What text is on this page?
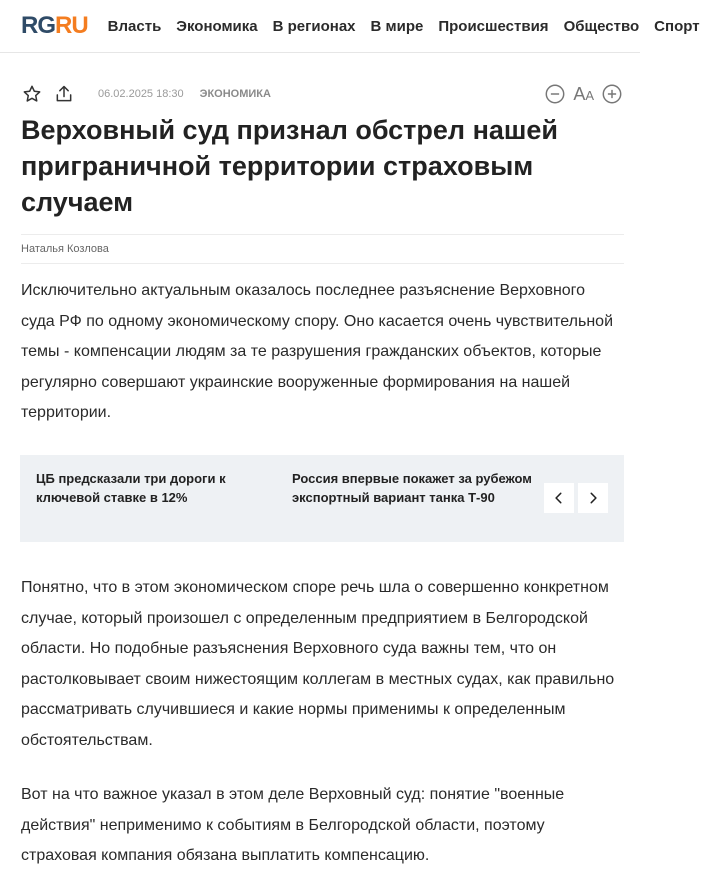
RG RU Власть Экономика В регионах В мире Происшествия Общество Спорт
06.02.2025 18:30 ЭКОНОМИКА	AA
Верховный суд признал обстрел нашей приграничной территории страховым случаем
Наталья Козлова

Исключительно актуальным оказалось последнее разъяснение Верховного суда РФ по одному экономическому спору. Оно касается очень чувствительной темы - компенсации людям за те разрушения гражданских объектов, которые регулярно совершают украинские вооруженные формирования на нашей территории.

ЦБ предсказали три дороги к ключевой ставке в 12%
Россия впервые покажет за рубежом экспортный вариант танка Т-90

Понятно, что в этом экономическом споре речь шла о совершенно конкретном случае, который произошел с определенным предприятием в Белгородской области. Но подобные разъяснения Верховного суда важны тем, что он растолковывает своим нижестоящим коллегам в местных судах, как правильно рассматривать случившиеся и какие нормы применимы к определенным обстоятельствам.

Вот на что важное указал в этом деле Верховный суд: понятие "военные действия" неприменимо к событиям в Белгородской области, поэтому страховая компания обязана выплатить компенсацию.
